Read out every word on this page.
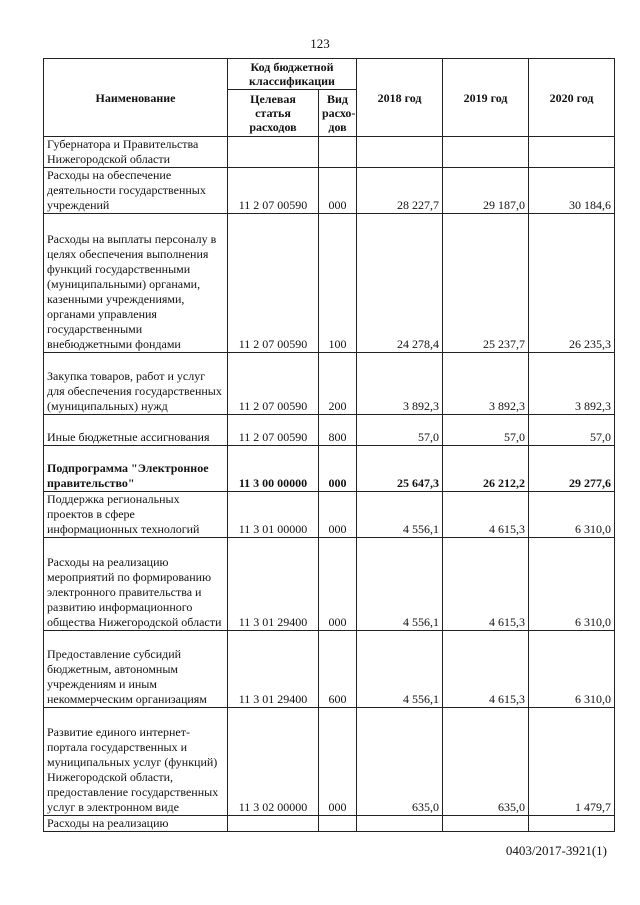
123
Наименование	Код бюджетной классификации		2018 год	2019 год	2020 год
	Целевая статья расходов	Вид расхо-дов			
Губернатора и Правительства Нижегородской области					
Расходы на обеспечение деятельности государственных учреждений	11 2 07 00590	000	28 227,7	29 187,0	30 184,6
Расходы на выплаты персоналу в целях обеспечения выполнения функций государственными (муниципальными) органами, казенными учреждениями, органами управления государственными внебюджетными фондами	11 2 07 00590	100	24 278,4	25 237,7	26 235,3
Закупка товаров, работ и услуг для обеспечения государственных (муниципальных) нужд	11 2 07 00590	200	3 892,3	3 892,3	3 892,3
Иные бюджетные ассигнования	11 2 07 00590	800	57,0	57,0	57,0
Подпрограмма "Электронное правительство"	11 3 00 00000	000	25 647,3	26 212,2	29 277,6
Поддержка региональных проектов в сфере информационных технологий	11 3 01 00000	000	4 556,1	4 615,3	6 310,0
Расходы на реализацию мероприятий по формированию электронного правительства и развитию информационного общества Нижегородской области	11 3 01 29400	000	4 556,1	4 615,3	6 310,0
Предоставление субсидий бюджетным, автономным учреждениям и иным некоммерческим организациям	11 3 01 29400	600	4 556,1	4 615,3	6 310,0
Развитие единого интернет-портала государственных и муниципальных услуг (функций) Нижегородской области, предоставление государственных услуг в электронном виде	11 3 02 00000	000	635,0	635,0	1 479,7
Расходы на реализацию					
0403/2017-3921(1)
